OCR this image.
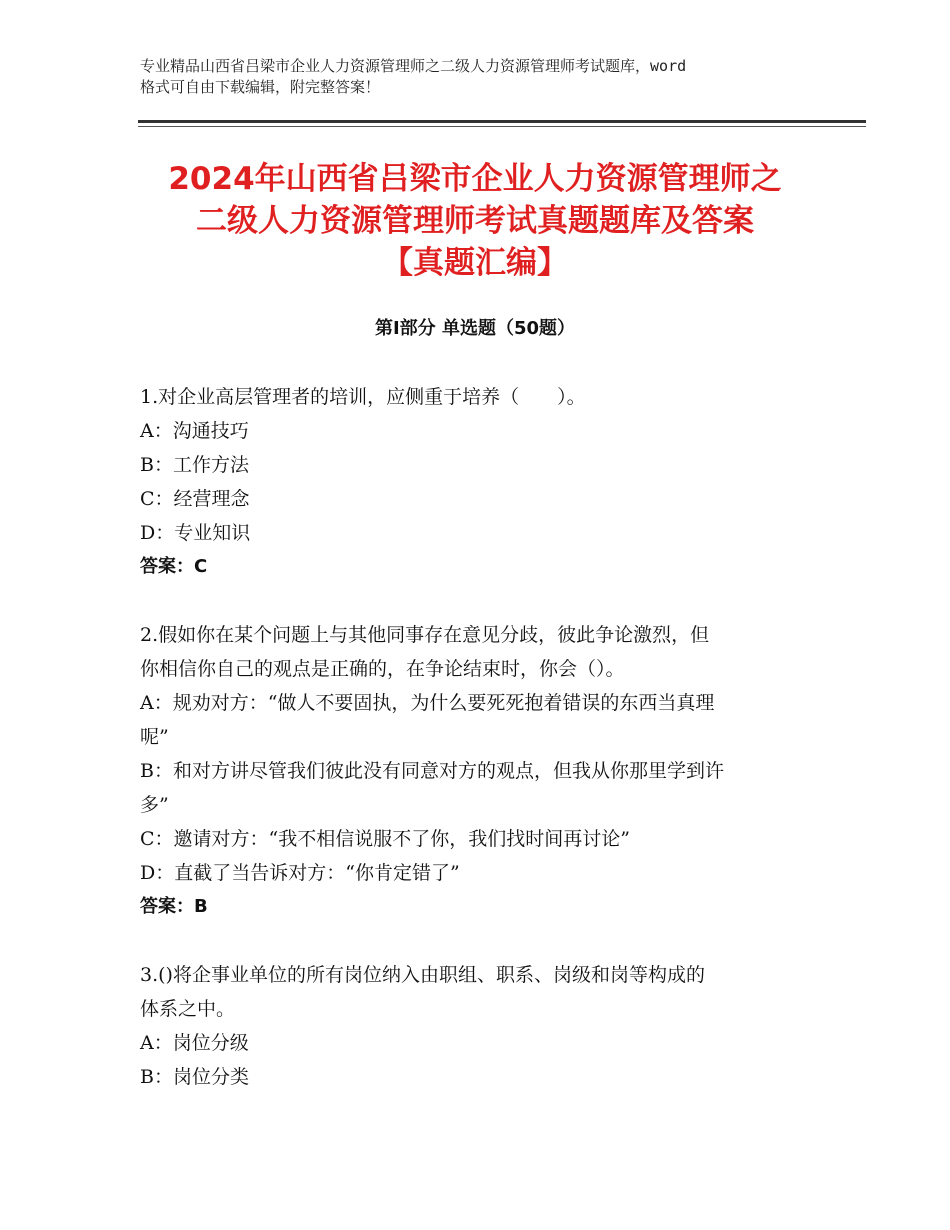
专业精品山西省吕梁市企业人力资源管理师之二级人力资源管理师考试题库，word
格式可自由下载编辑，附完整答案！
2024年山西省吕梁市企业人力资源管理师之
二级人力资源管理师考试真题题库及答案
【真题汇编】
第Ⅰ部分 单选题（50题）
1.对企业高层管理者的培训，应侧重于培养（　　）。
A：沟通技巧
B：工作方法
C：经营理念
D：专业知识
答案：C
2.假如你在某个问题上与其他同事存在意见分歧，彼此争论激烈，但
你相信你自己的观点是正确的，在争论结束时，你会（）。
A：规劝对方：“做人不要固执，为什么要死死抱着错误的东西当真理
呢”
B：和对方讲尽管我们彼此没有同意对方的观点，但我从你那里学到许
多”
C：邀请对方：“我不相信说服不了你，我们找时间再讨论”
D：直截了当告诉对方：“你肯定错了”
答案：B
3.()将企事业单位的所有岗位纳入由职组、职系、岗级和岗等构成的
体系之中。
A：岗位分级
B：岗位分类
